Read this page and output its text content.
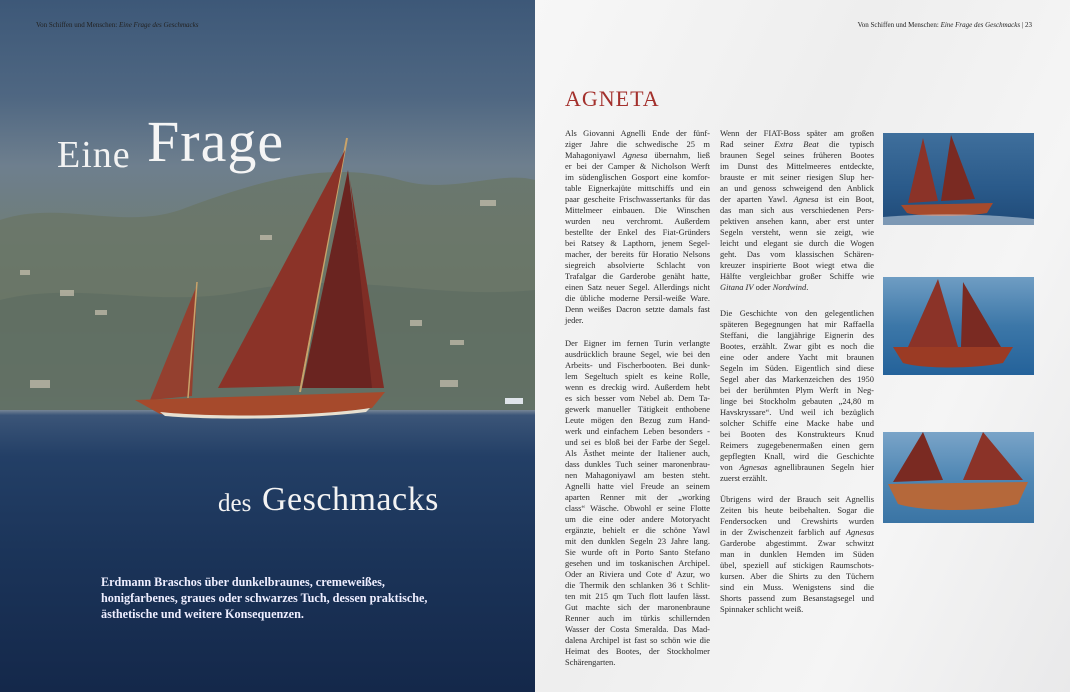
Von Schiffen und Menschen: Eine Frage des Geschmacks
Eine Frage
des Geschmacks
Erdmann Braschos über dunkelbraunes, cremeweißes, honigfarbenes, graues oder schwarzes Tuch, dessen praktische, ästhetische und weitere Konsequenzen.
Von Schiffen und Menschen: Eine Frage des Geschmacks | 23
AGNETA
Als Giovanni Agnelli Ende der fünf-
ziger Jahre die schwedische 25 m
Mahagoniyawl Agnesa übernahm, ließ
er bei der Camper & Nicholson Werft
im südenglischen Gosport eine komfor-
table Eignerkajüte mittschiffs und ein
paar gescheite Frischwassertanks für das
Mittelmeer einbauen. Die Winschen
wurden neu verchromt. Außerdem
bestellte der Enkel des Fiat-Gründers
bei Ratsey & Lapthorn, jenem Segel-
macher, der bereits für Horatio Nelsons
siegreich absolvierte Schlacht von
Trafalgar die Garderobe genäht hatte,
einen Satz neuer Segel. Allerdings nicht
die übliche moderne Persil-weiße Ware.
Denn weißes Dacron setzte damals fast
jeder.
Der Eigner im fernen Turin verlangte
ausdrücklich braune Segel, wie bei den
Arbeits- und Fischerbooten. Bei dunk-
lem Segeltuch spielt es keine Rolle,
wenn es dreckig wird. Außerdem hebt
es sich besser vom Nebel ab. Dem Ta-
gewerk manueller Tätigkeit enthobene
Leute mögen den Bezug zum Hand-
werk und einfachem Leben besonders -
und sei es bloß bei der Farbe der Segel.
Als Ästhet meinte der Italiener auch,
dass dunkles Tuch seiner maronenbrau-
nen Mahagoniyawl am besten steht.
Agnelli hatte viel Freude an seinem
aparten Renner mit der „working
class“ Wäsche. Obwohl er seine Flotte
um die eine oder andere Motoryacht
ergänzte, behielt er die schöne Yawl
mit den dunklen Segeln 23 Jahre lang.
Sie wurde oft in Porto Santo Stefano
gesehen und im toskanischen Archipel.
Oder an Riviera und Cote d' Azur, wo
die Thermik den schlanken 36 t Schlit-
ten mit 215 qm Tuch flott laufen lässt.
Gut machte sich der maronenbraune
Renner auch im türkis schillernden
Wasser der Costa Smeralda. Das Mad-
dalena Archipel ist fast so schön wie die
Heimat des Bootes, der Stockholmer
Schärengarten.
Wenn der FIAT-Boss später am großen
Rad seiner Extra Beat die typisch
braunen Segel seines früheren Bootes
im Dunst des Mittelmeeres entdeckte,
brauste er mit seiner riesigen Slup her-
an und genoss schweigend den Anblick
der aparten Yawl. Agnesa ist ein Boot,
das man sich aus verschiedenen Pers-
pektiven ansehen kann, aber erst unter
Segeln versteht, wenn sie zeigt, wie
leicht und elegant sie durch die Wogen
geht. Das vom klassischen Schären-
kreuzer inspirierte Boot wiegt etwa die
Hälfte vergleichbar großer Schiffe wie
Gitana IV oder Nordwind.
Die Geschichte von den gelegentlichen
späteren Begegnungen hat mir Raffaella
Steffani, die langjährige Eignerin des
Bootes, erzählt. Zwar gibt es noch die
eine oder andere Yacht mit braunen
Segeln im Süden. Eigentlich sind diese
Segel aber das Markenzeichen des 1950
bei der berühmten Plym Werft in Neg-
linge bei Stockholm gebauten „24,80 m
Havskryssare“. Und weil ich bezüglich
solcher Schiffe eine Macke habe und
bei Booten des Konstrukteurs Knud
Reimers zugegebenermaßen einen gern
gepflegten Knall, wird die Geschichte
von Agnesas agnellibraunen Segeln hier
zuerst erzählt.
Übrigens wird der Brauch seit Agnellis
Zeiten bis heute beibehalten. Sogar die
Fendersocken und Crewshirts wurden
in der Zwischenzeit farblich auf Agnesas
Garderobe abgestimmt. Zwar schwitzt
man in dunklen Hemden im Süden
übel, speziell auf stickigen Raumschots-
kursen. Aber die Shirts zu den Tüchern
sind ein Muss. Wenigstens sind die
Shorts passend zum Besanstagsegel und
Spinnaker schlicht weiß.
